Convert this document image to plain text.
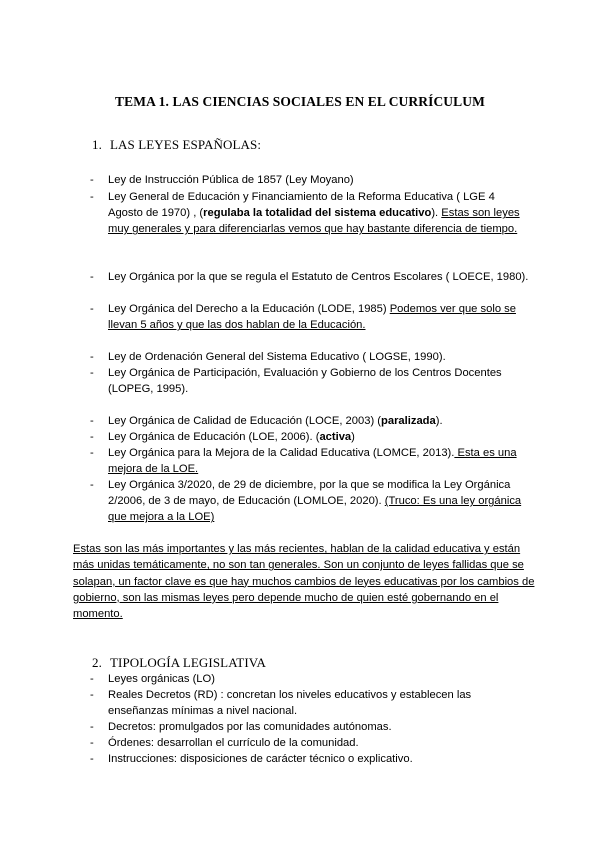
TEMA 1. LAS CIENCIAS SOCIALES EN EL CURRÍCULUM
1. LAS LEYES ESPAÑOLAS:
- Ley de Instrucción Pública de 1857 (Ley Moyano)
- Ley General de Educación y Financiamiento de la Reforma Educativa ( LGE 4 Agosto de 1970) , (regulaba la totalidad del sistema educativo). Estas son leyes muy generales y para diferenciarlas vemos que hay bastante diferencia de tiempo.
- Ley Orgánica por la que se regula el Estatuto de Centros Escolares ( LOECE, 1980).
- Ley Orgánica del Derecho a la Educación (LODE, 1985) Podemos ver que solo se llevan 5 años y que las dos hablan de la Educación.
- Ley de Ordenación General del Sistema Educativo ( LOGSE, 1990).
- Ley Orgánica de Participación, Evaluación y Gobierno de los Centros Docentes (LOPEG, 1995).
- Ley Orgánica de Calidad de Educación (LOCE, 2003) (paralizada).
- Ley Orgánica de Educación (LOE, 2006). (activa)
- Ley Orgánica para la Mejora de la Calidad Educativa (LOMCE, 2013). Esta es una mejora de la LOE.
- Ley Orgánica 3/2020, de 29 de diciembre, por la que se modifica la Ley Orgánica 2/2006, de 3 de mayo, de Educación (LOMLOE, 2020). (Truco: Es una ley orgánica que mejora a la LOE)
Estas son las más importantes y las más recientes, hablan de la calidad educativa y están más unidas temáticamente, no son tan generales. Son un conjunto de leyes fallidas que se solapan, un factor clave es que hay muchos cambios de leyes educativas por los cambios de gobierno, son las mismas leyes pero depende mucho de quien esté gobernando en el momento.
2. TIPOLOGÍA LEGISLATIVA
- Leyes orgánicas (LO)
- Reales Decretos (RD) : concretan los niveles educativos y establecen las enseñanzas mínimas a nivel nacional.
- Decretos: promulgados por las comunidades autónomas.
- Órdenes: desarrollan el currículo de la comunidad.
- Instrucciones: disposiciones de carácter técnico o explicativo.
